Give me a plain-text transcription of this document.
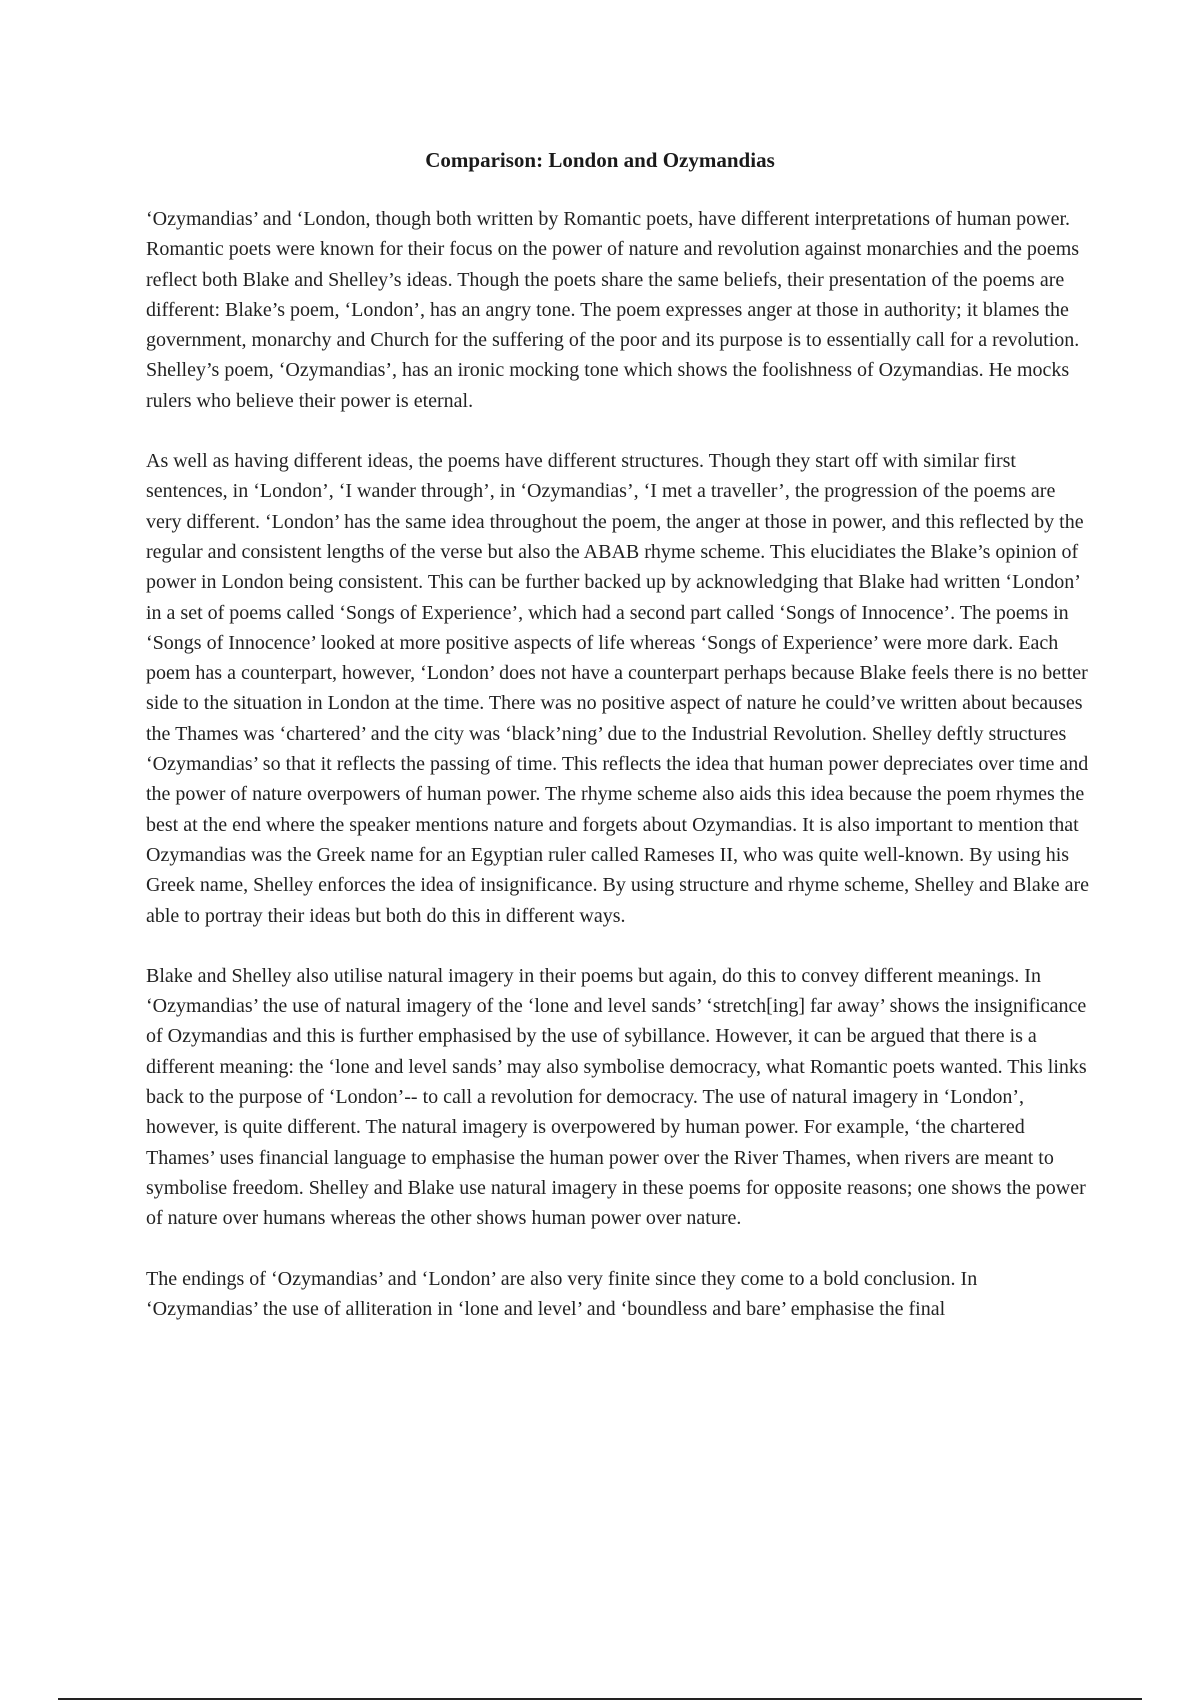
Comparison: London and Ozymandias

‘Ozymandias’ and ‘London, though both written by Romantic poets, have different interpretations of human power. Romantic poets were known for their focus on the power of nature and revolution against monarchies and the poems reflect both Blake and Shelley’s ideas. Though the poets share the same beliefs, their presentation of the poems are different: Blake’s poem, ‘London’, has an angry tone. The poem expresses anger at those in authority; it blames the government, monarchy and Church for the suffering of the poor and its purpose is to essentially call for a revolution. Shelley’s poem, ‘Ozymandias’, has an ironic mocking tone which shows the foolishness of Ozymandias. He mocks rulers who believe their power is eternal.

As well as having different ideas, the poems have different structures. Though they start off with similar first sentences, in ‘London’, ‘I wander through’, in ‘Ozymandias’, ‘I met a traveller’, the progression of the poems are very different. ‘London’ has the same idea throughout the poem, the anger at those in power, and this reflected by the regular and consistent lengths of the verse but also the ABAB rhyme scheme. This elucidiates the Blake’s opinion of power in London being consistent. This can be further backed up by acknowledging that Blake had written ‘London’ in a set of poems called ‘Songs of Experience’, which had a second part called ‘Songs of Innocence’. The poems in ‘Songs of Innocence’ looked at more positive aspects of life whereas ‘Songs of Experience’ were more dark. Each poem has a counterpart, however, ‘London’ does not have a counterpart perhaps because Blake feels there is no better side to the situation in London at the time. There was no positive aspect of nature he could’ve written about becauses the Thames was ‘chartered’ and the city was ‘black’ning’ due to the Industrial Revolution. Shelley deftly structures ‘Ozymandias’ so that it reflects the passing of time. This reflects the idea that human power depreciates over time and the power of nature overpowers of human power. The rhyme scheme also aids this idea because the poem rhymes the best at the end where the speaker mentions nature and forgets about Ozymandias. It is also important to mention that Ozymandias was the Greek name for an Egyptian ruler called Rameses II, who was quite well-known. By using his Greek name, Shelley enforces the idea of insignificance. By using structure and rhyme scheme, Shelley and Blake are able to portray their ideas but both do this in different ways.

Blake and Shelley also utilise natural imagery in their poems but again, do this to convey different meanings. In ‘Ozymandias’ the use of natural imagery of the ‘lone and level sands’ ‘stretch[ing] far away’ shows the insignificance of Ozymandias and this is further emphasised by the use of sybillance. However, it can be argued that there is a different meaning: the ‘lone and level sands’ may also symbolise democracy, what Romantic poets wanted. This links back to the purpose of ‘London’-- to call a revolution for democracy. The use of natural imagery in ‘London’, however, is quite different. The natural imagery is overpowered by human power. For example, ‘the chartered Thames’ uses financial language to emphasise the human power over the River Thames, when rivers are meant to symbolise freedom. Shelley and Blake use natural imagery in these poems for opposite reasons; one shows the power of nature over humans whereas the other shows human power over nature.

The endings of ‘Ozymandias’ and ‘London’ are also very finite since they come to a bold conclusion. In ‘Ozymandias’ the use of alliteration in ‘lone and level’ and ‘boundless and bare’ emphasise the final
